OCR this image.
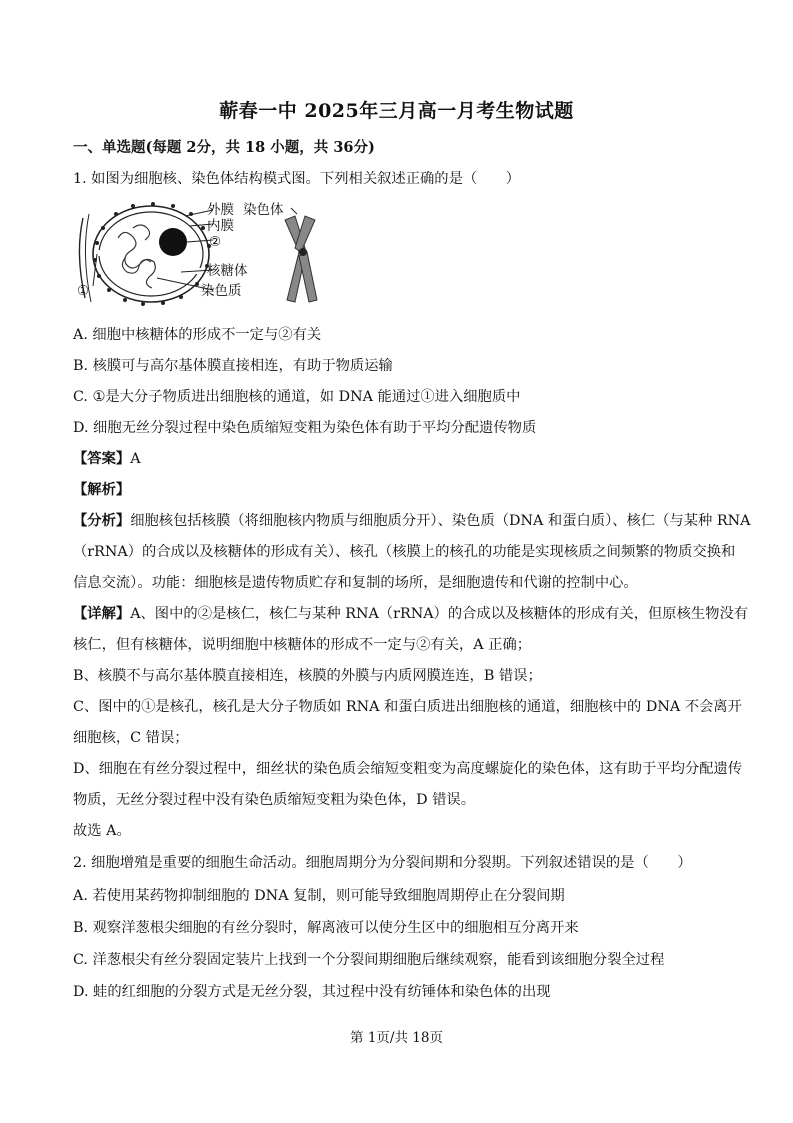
蕲春一中 2025年三月高一月考生物试题
一、单选题(每题 2分，共 18 小题，共 36分)
1. 如图为细胞核、染色体结构模式图。下列相关叙述正确的是（　　）
外膜
内膜
②
核糖体
染色质
①
染色体
A. 细胞中核糖体的形成不一定与②有关
B. 核膜可与高尔基体膜直接相连，有助于物质运输
C. ①是大分子物质进出细胞核的通道，如 DNA 能通过①进入细胞质中
D. 细胞无丝分裂过程中染色质缩短变粗为染色体有助于平均分配遗传物质
【答案】A
【解析】
【分析】细胞核包括核膜（将细胞核内物质与细胞质分开）、染色质（DNA 和蛋白质）、核仁（与某种 RNA
（rRNA）的合成以及核糖体的形成有关）、核孔（核膜上的核孔的功能是实现核质之间频繁的物质交换和
信息交流）。功能：细胞核是遗传物质贮存和复制的场所，是细胞遗传和代谢的控制中心。
【详解】A、图中的②是核仁，核仁与某种 RNA（rRNA）的合成以及核糖体的形成有关，但原核生物没有
核仁，但有核糖体，说明细胞中核糖体的形成不一定与②有关，A 正确；
B、核膜不与高尔基体膜直接相连，核膜的外膜与内质网膜连连，B 错误；
C、图中的①是核孔，核孔是大分子物质如 RNA 和蛋白质进出细胞核的通道，细胞核中的 DNA 不会离开
细胞核，C 错误；
D、细胞在有丝分裂过程中，细丝状的染色质会缩短变粗变为高度螺旋化的染色体，这有助于平均分配遗传
物质，无丝分裂过程中没有染色质缩短变粗为染色体，D 错误。
故选 A。
2. 细胞增殖是重要的细胞生命活动。细胞周期分为分裂间期和分裂期。下列叙述错误的是（　　）
A. 若使用某药物抑制细胞的 DNA 复制，则可能导致细胞周期停止在分裂间期
B. 观察洋葱根尖细胞的有丝分裂时，解离液可以使分生区中的细胞相互分离开来
C. 洋葱根尖有丝分裂固定装片上找到一个分裂间期细胞后继续观察，能看到该细胞分裂全过程
D. 蛙的红细胞的分裂方式是无丝分裂，其过程中没有纺锤体和染色体的出现
第 1页/共 18页
